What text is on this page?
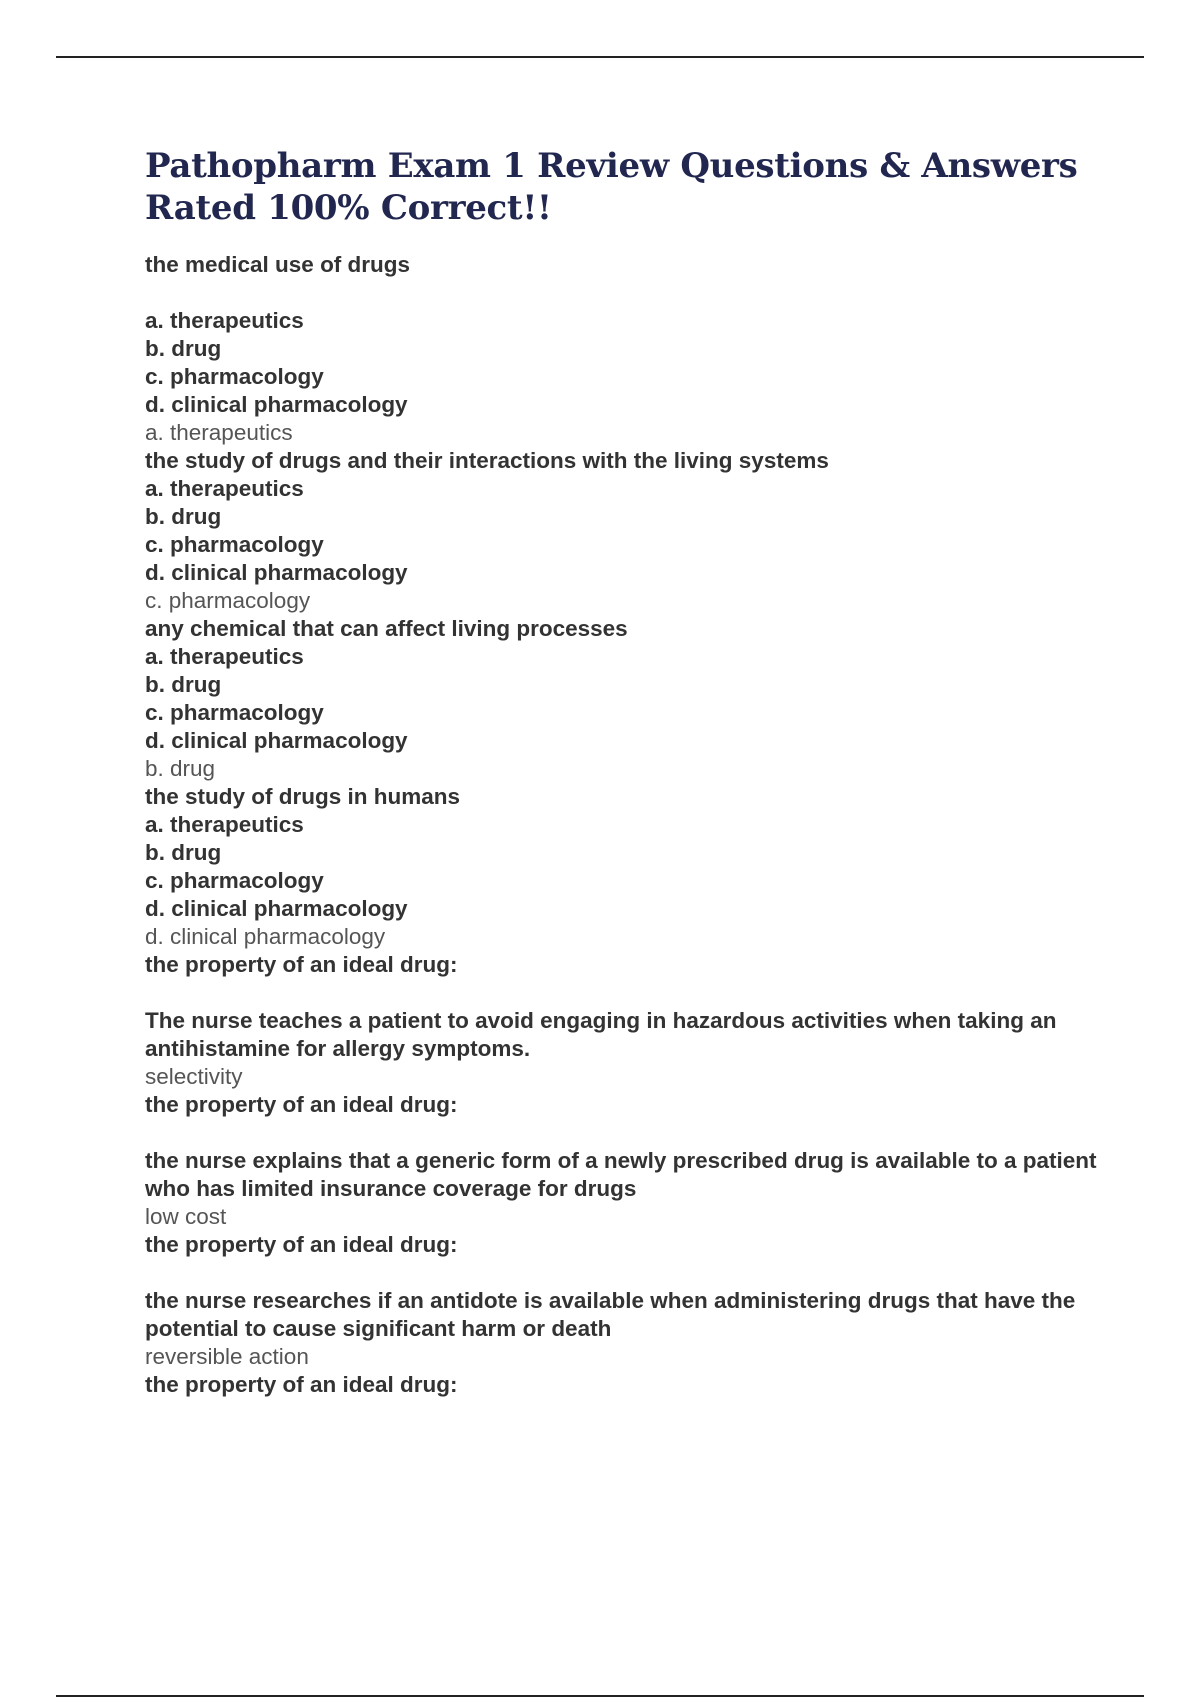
Pathopharm Exam 1 Review Questions & Answers Rated 100% Correct!!
the medical use of drugs
a. therapeutics
b. drug
c. pharmacology
d. clinical pharmacology
a. therapeutics
the study of drugs and their interactions with the living systems
a. therapeutics
b. drug
c. pharmacology
d. clinical pharmacology
c. pharmacology
any chemical that can affect living processes
a. therapeutics
b. drug
c. pharmacology
d. clinical pharmacology
b. drug
the study of drugs in humans
a. therapeutics
b. drug
c. pharmacology
d. clinical pharmacology
d. clinical pharmacology
the property of an ideal drug:
The nurse teaches a patient to avoid engaging in hazardous activities when taking an antihistamine for allergy symptoms.
selectivity
the property of an ideal drug:
the nurse explains that a generic form of a newly prescribed drug is available to a patient who has limited insurance coverage for drugs
low cost
the property of an ideal drug:
the nurse researches if an antidote is available when administering drugs that have the potential to cause significant harm or death
reversible action
the property of an ideal drug:
